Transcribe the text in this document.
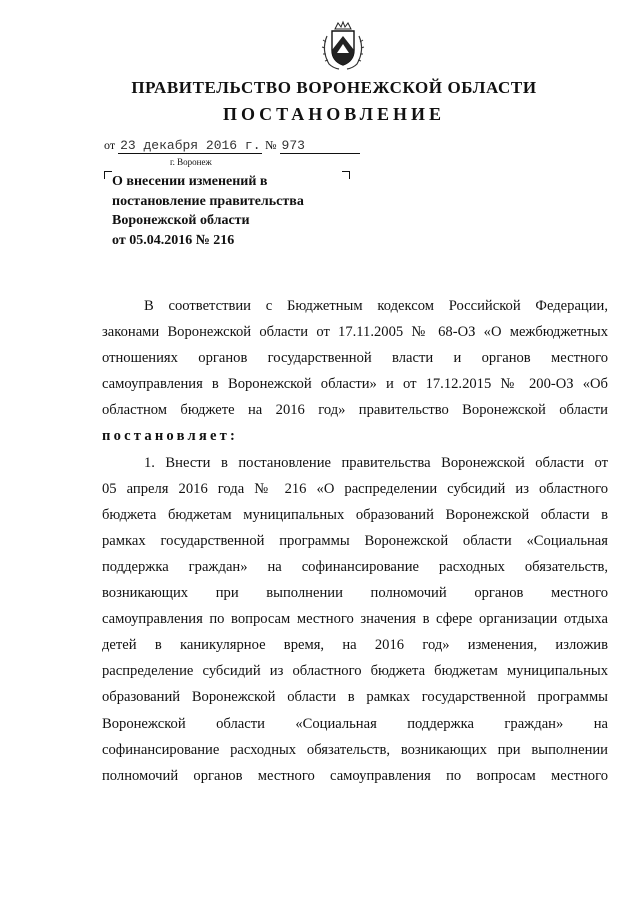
ПРАВИТЕЛЬСТВО ВОРОНЕЖСКОЙ ОБЛАСТИ
ПОСТАНОВЛЕНИЕ
от 23 декабря 2016 г. № 973
г. Воронеж
О внесении изменений в
постановление правительства
Воронежской области
от 05.04.2016 № 216
В соответствии с Бюджетным кодексом Российской Федерации,
законами Воронежской области от 17.11.2005 № 68-ОЗ «О межбюджетных
отношениях органов государственной власти и органов местного
самоуправления в Воронежской области» и от 17.12.2015 № 200-ОЗ «Об
областном бюджете на 2016 год» правительство Воронежской области
постановляет:
1. Внести в постановление правительства Воронежской области от
05 апреля 2016 года № 216 «О распределении субсидий из областного
бюджета бюджетам муниципальных образований Воронежской области в
рамках государственной программы Воронежской области «Социальная
поддержка граждан» на софинансирование расходных обязательств,
возникающих при выполнении полномочий органов местного
самоуправления по вопросам местного значения в сфере организации отдыха
детей в каникулярное время, на 2016 год» изменения, изложив
распределение субсидий из областного бюджета бюджетам муниципальных
образований Воронежской области в рамках государственной программы
Воронежской области «Социальная поддержка граждан» на
софинансирование расходных обязательств, возникающих при выполнении
полномочий органов местного самоуправления по вопросам местного
